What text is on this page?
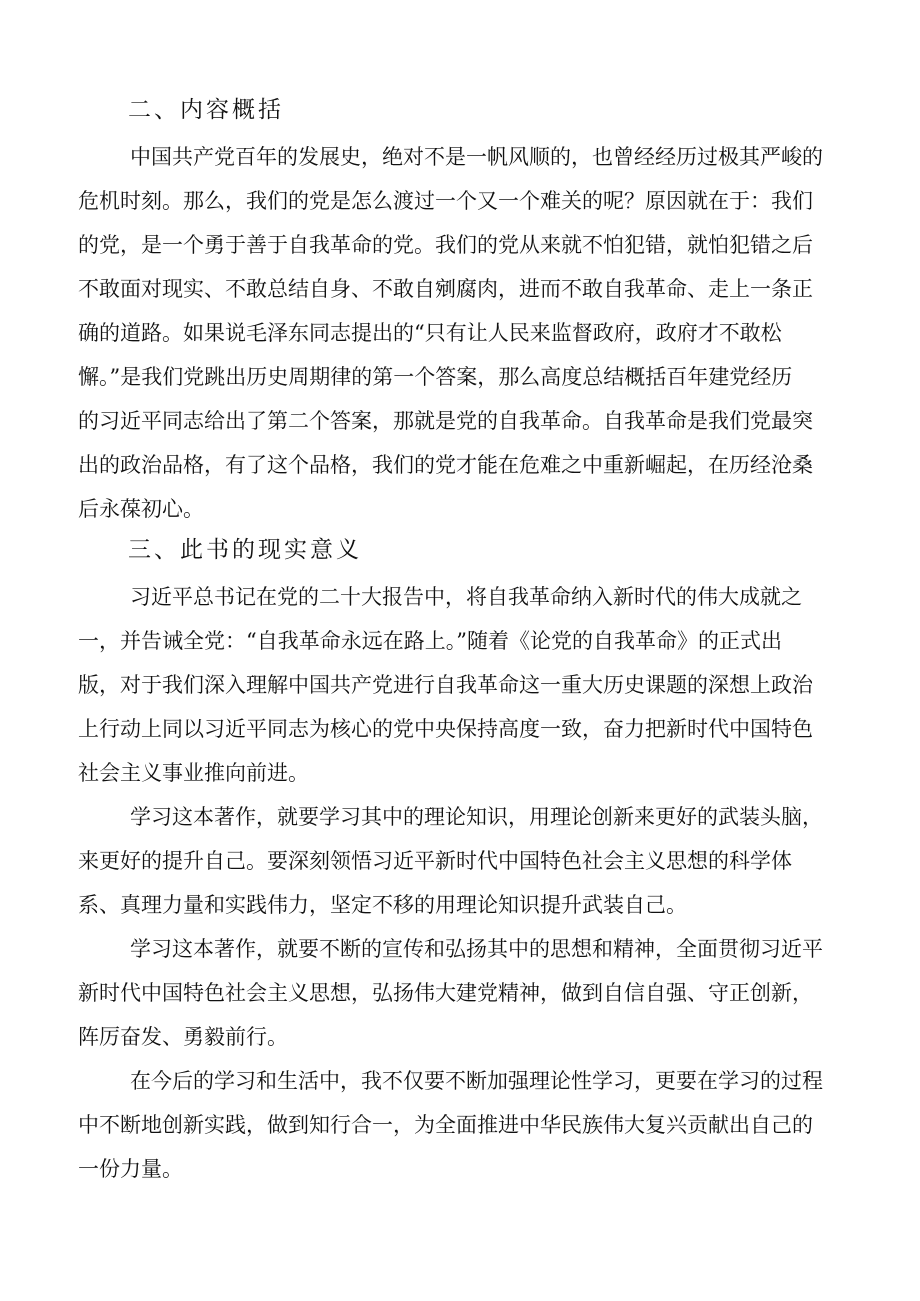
二、内容概括
中国共产党百年的发展史，绝对不是一帆风顺的，也曾经经历过极其严峻的
危机时刻。那么，我们的党是怎么渡过一个又一个难关的呢？原因就在于：我们
的党，是一个勇于善于自我革命的党。我们的党从来就不怕犯错，就怕犯错之后
不敢面对现实、不敢总结自身、不敢自剜腐肉，进而不敢自我革命、走上一条正
确的道路。如果说毛泽东同志提出的“只有让人民来监督政府，政府才不敢松
懈。”是我们党跳出历史周期律的第一个答案，那么高度总结概括百年建党经历
的习近平同志给出了第二个答案，那就是党的自我革命。自我革命是我们党最突
出的政治品格，有了这个品格，我们的党才能在危难之中重新崛起，在历经沧桑
后永葆初心。
三、此书的现实意义
习近平总书记在党的二十大报告中，将自我革命纳入新时代的伟大成就之
一，并告诫全党：“自我革命永远在路上。”随着《论党的自我革命》的正式出
版，对于我们深入理解中国共产党进行自我革命这一重大历史课题的深想上政治
上行动上同以习近平同志为核心的党中央保持高度一致，奋力把新时代中国特色
社会主义事业推向前进。
学习这本著作，就要学习其中的理论知识，用理论创新来更好的武装头脑，
来更好的提升自己。要深刻领悟习近平新时代中国特色社会主义思想的科学体
系、真理力量和实践伟力，坚定不移的用理论知识提升武装自己。
学习这本著作，就要不断的宣传和弘扬其中的思想和精神，全面贯彻习近平
新时代中国特色社会主义思想，弘扬伟大建党精神，做到自信自强、守正创新，
阵厉奋发、勇毅前行。
在今后的学习和生活中，我不仅要不断加强理论性学习，更要在学习的过程
中不断地创新实践，做到知行合一，为全面推进中华民族伟大复兴贡献出自己的
一份力量。
